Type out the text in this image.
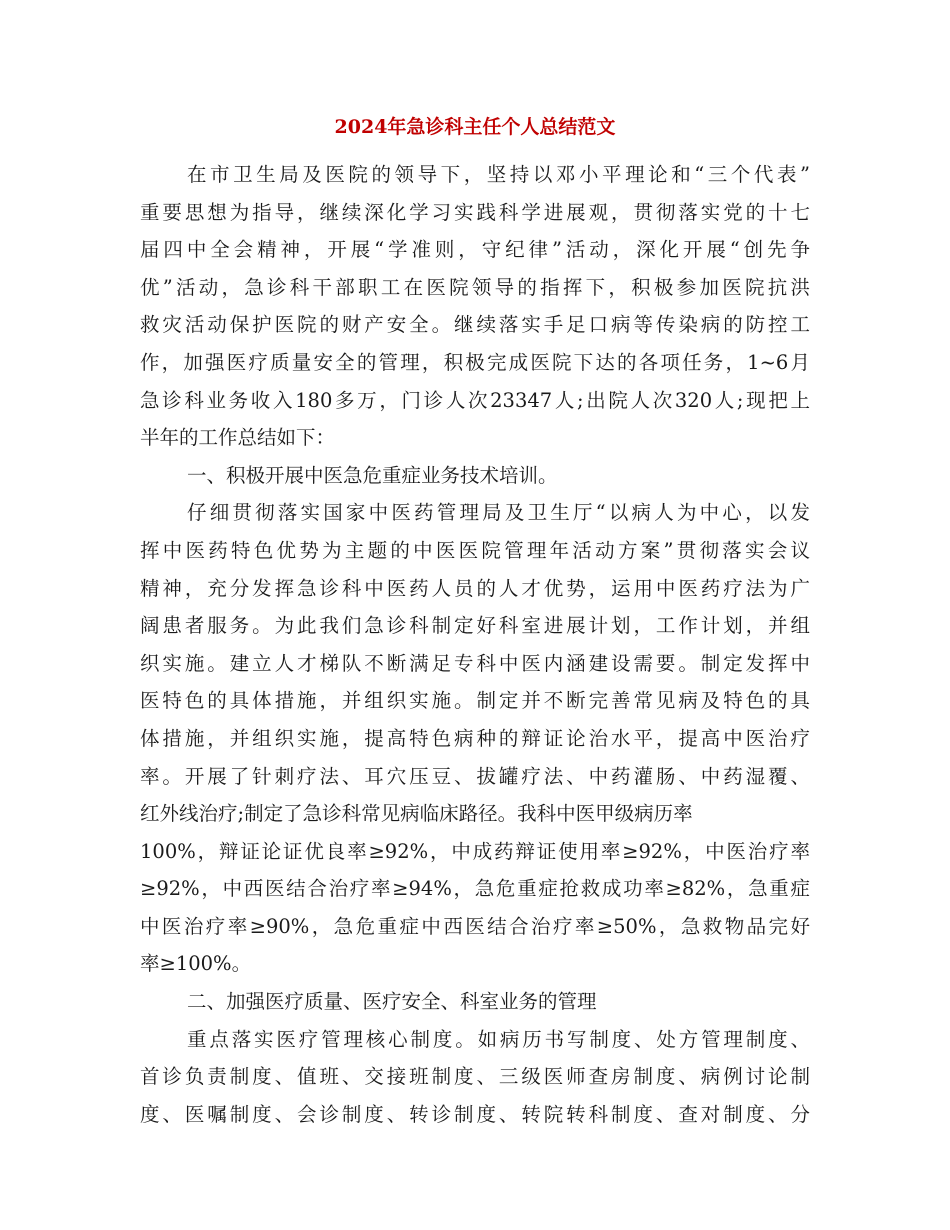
2024年急诊科主任个人总结范文
在市卫生局及医院的领导下，坚持以邓小平理论和“三个代表”
重要思想为指导，继续深化学习实践科学进展观，贯彻落实党的十七
届四中全会精神，开展“学准则，守纪律”活动，深化开展“创先争
优”活动，急诊科干部职工在医院领导的指挥下，积极参加医院抗洪
救灾活动保护医院的财产安全。继续落实手足口病等传染病的防控工
作，加强医疗质量安全的管理，积极完成医院下达的各项任务，1~6月
急诊科业务收入180多万，门诊人次23347人;出院人次320人;现把上
半年的工作总结如下：
一、积极开展中医急危重症业务技术培训。
仔细贯彻落实国家中医药管理局及卫生厅“以病人为中心，以发
挥中医药特色优势为主题的中医医院管理年活动方案”贯彻落实会议
精神，充分发挥急诊科中医药人员的人才优势，运用中医药疗法为广
阔患者服务。为此我们急诊科制定好科室进展计划，工作计划，并组
织实施。建立人才梯队不断满足专科中医内涵建设需要。制定发挥中
医特色的具体措施，并组织实施。制定并不断完善常见病及特色的具
体措施，并组织实施，提高特色病种的辩证论治水平，提高中医治疗
率。开展了针刺疗法、耳穴压豆、拔罐疗法、中药灌肠、中药湿覆、
红外线治疗;制定了急诊科常见病临床路径。我科中医甲级病历率
100%，辩证论证优良率≥92%，中成药辩证使用率≥92%，中医治疗率
≥92%，中西医结合治疗率≥94%，急危重症抢救成功率≥82%，急重症
中医治疗率≥90%，急危重症中西医结合治疗率≥50%，急救物品完好
率≥100%。
二、加强医疗质量、医疗安全、科室业务的管理
重点落实医疗管理核心制度。如病历书写制度、处方管理制度、
首诊负责制度、值班、交接班制度、三级医师查房制度、病例讨论制
度、医嘱制度、会诊制度、转诊制度、转院转科制度、查对制度、分
